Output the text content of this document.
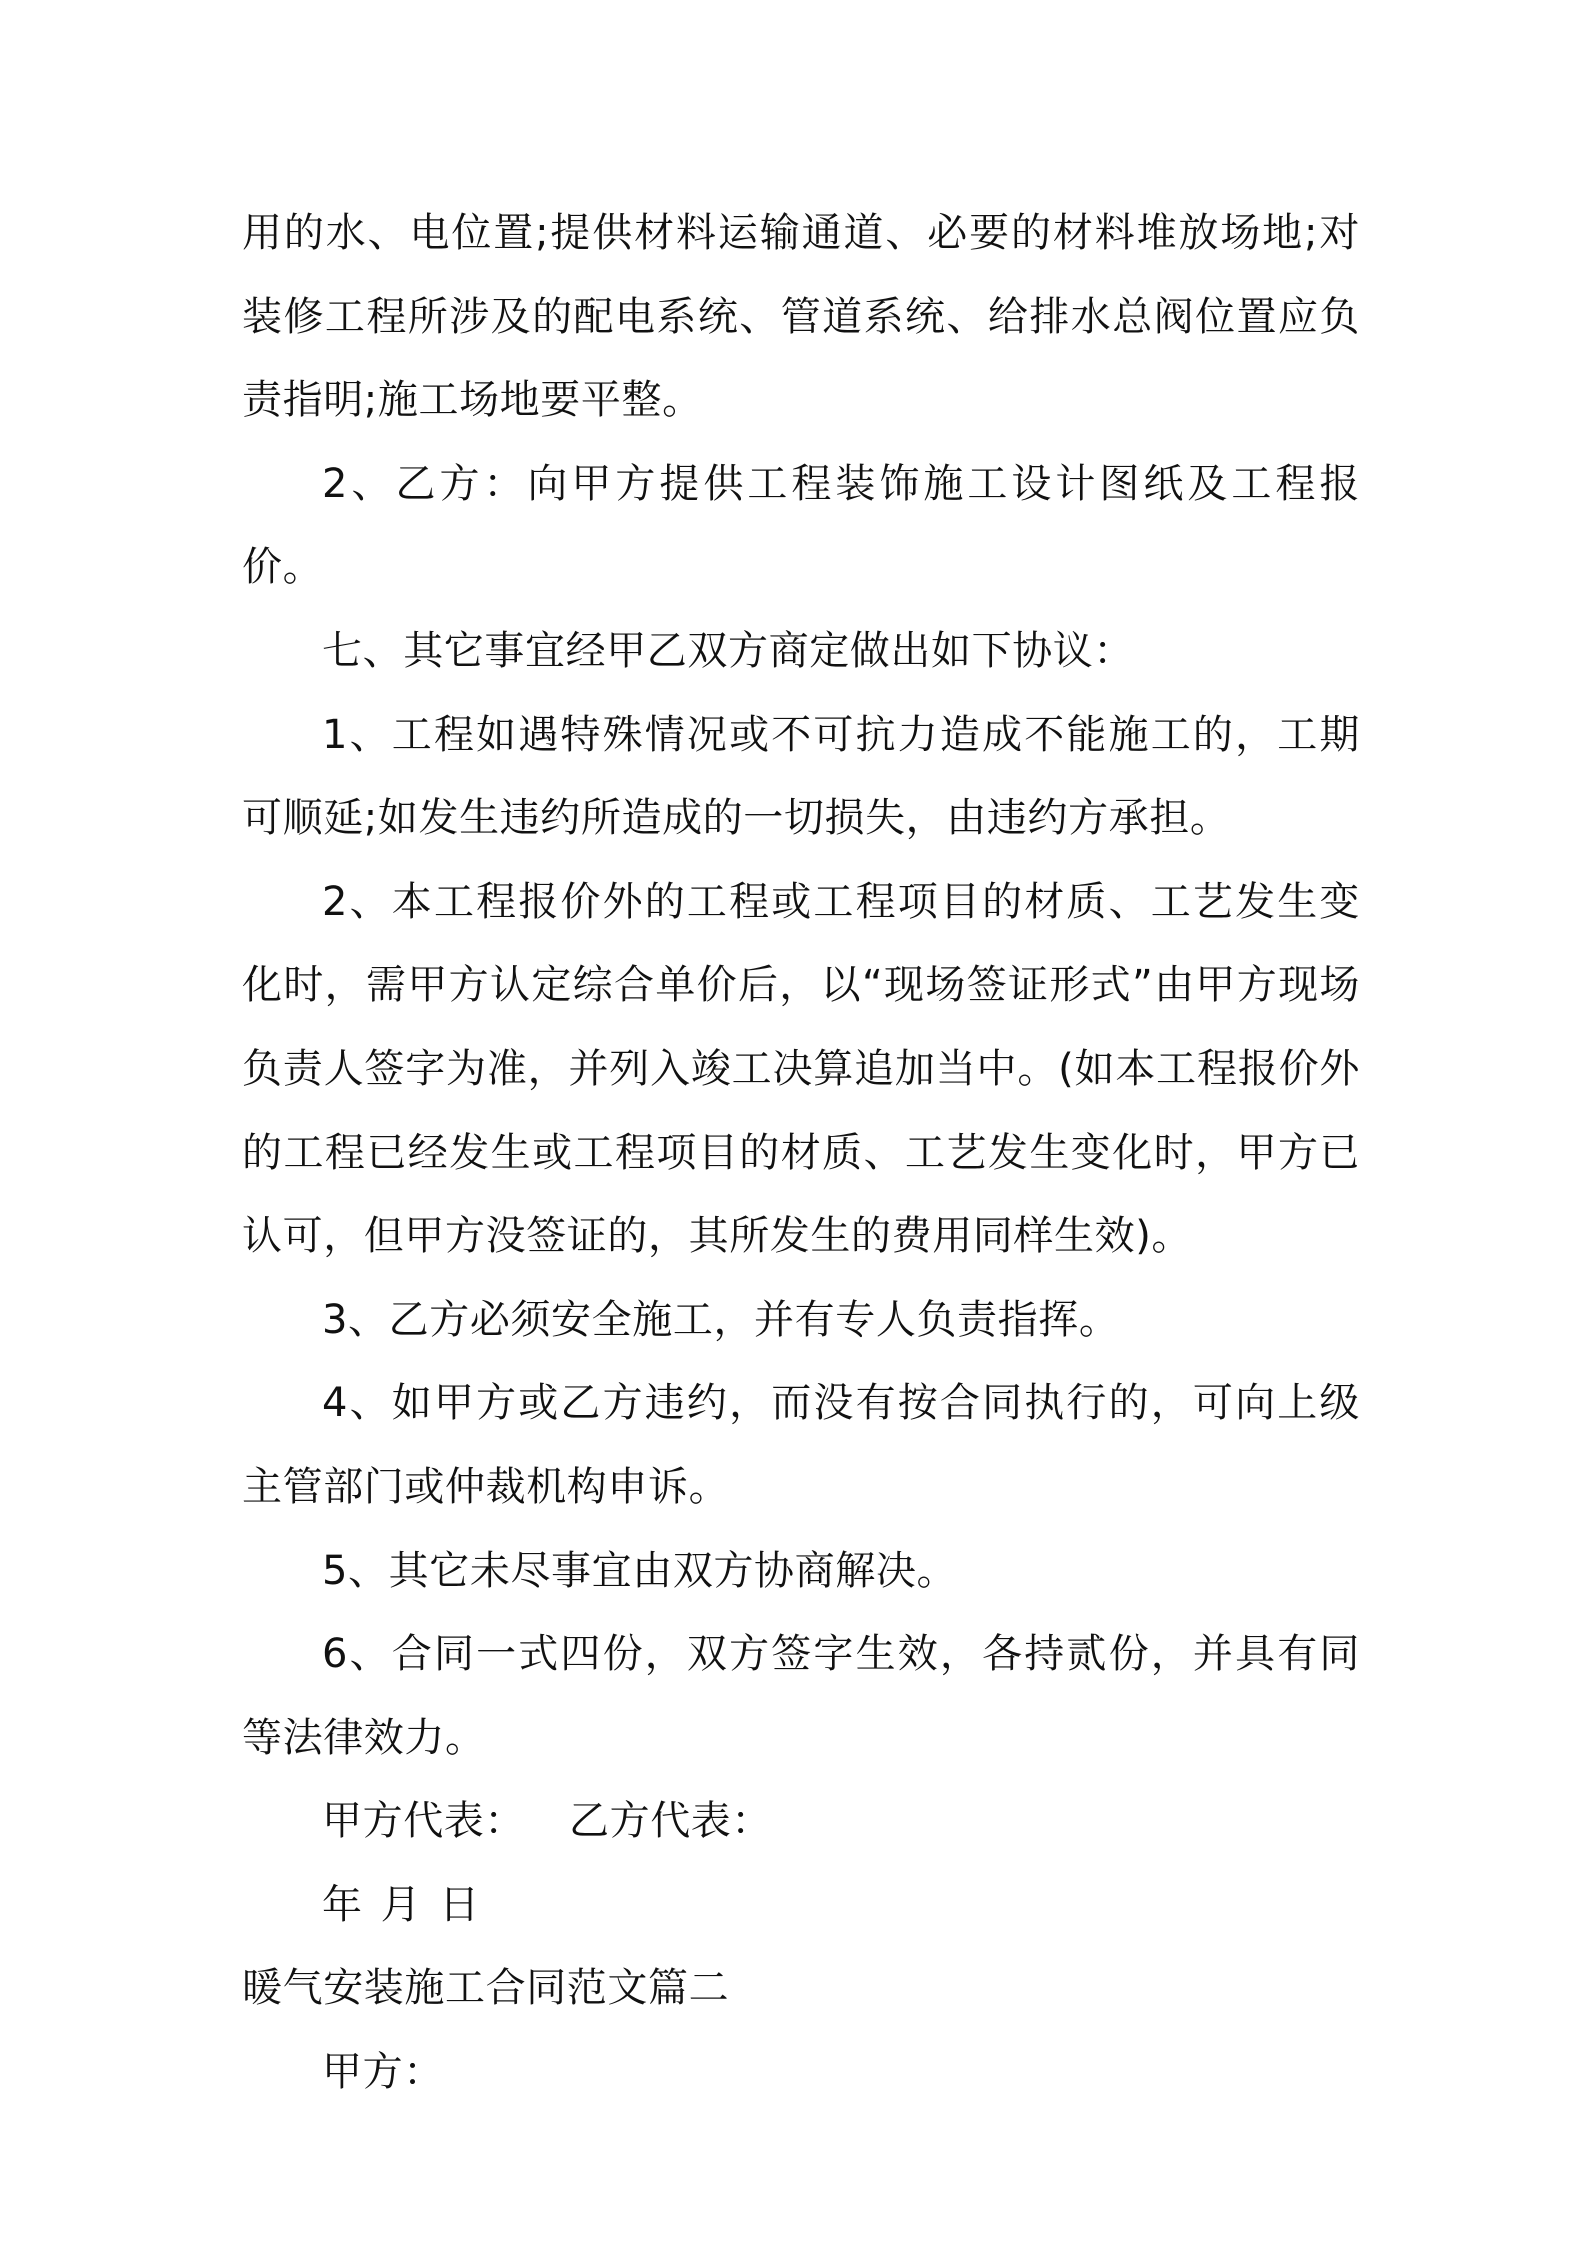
用的水、电位置;提供材料运输通道、必要的材料堆放场地;对装修工程所涉及的配电系统、管道系统、给排水总阀位置应负责指明;施工场地要平整。

2、乙方：向甲方提供工程装饰施工设计图纸及工程报价。

七、其它事宜经甲乙双方商定做出如下协议：

1、工程如遇特殊情况或不可抗力造成不能施工的，工期可顺延;如发生违约所造成的一切损失，由违约方承担。

2、本工程报价外的工程或工程项目的材质、工艺发生变化时，需甲方认定综合单价后，以“现场签证形式”由甲方现场负责人签字为准，并列入竣工决算追加当中。(如本工程报价外的工程已经发生或工程项目的材质、工艺发生变化时，甲方已认可，但甲方没签证的，其所发生的费用同样生效)。

3、乙方必须安全施工，并有专人负责指挥。

4、如甲方或乙方违约，而没有按合同执行的，可向上级主管部门或仲裁机构申诉。

5、其它未尽事宜由双方协商解决。

6、合同一式四份，双方签字生效，各持贰份，并具有同等法律效力。

甲方代表： 乙方代表：

年 月 日

暖气安装施工合同范文篇二

甲方：
